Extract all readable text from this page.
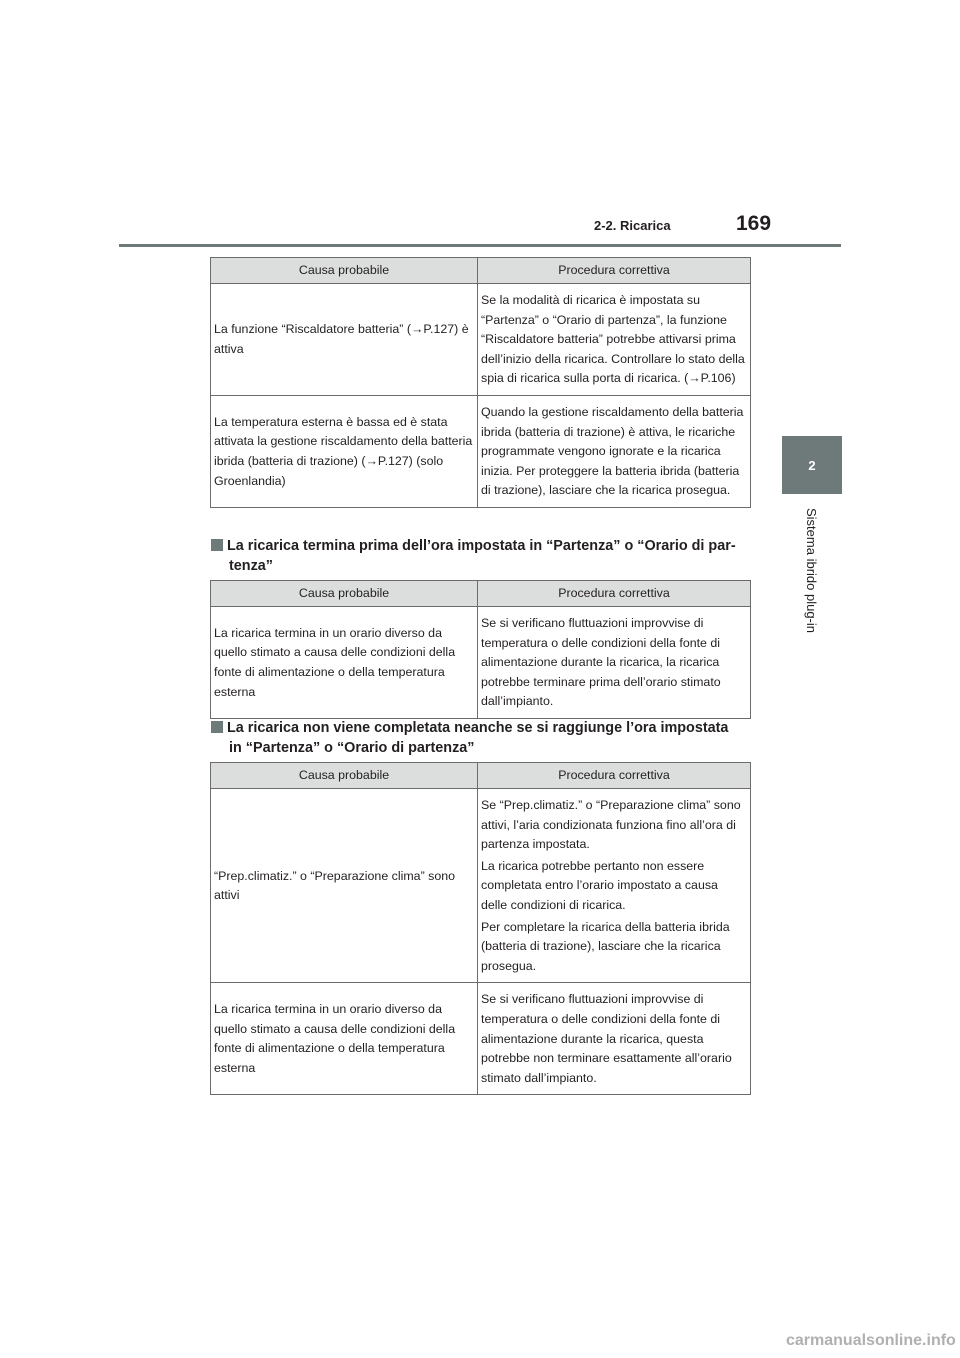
2-2. Ricarica	169
2
Sistema ibrido plug-in
Causa probabile	Procedura correttiva

La funzione “Riscaldatore batteria” (→P.127) è attiva	Se la modalità di ricarica è impostata su “Partenza” o “Orario di partenza”, la funzione “Riscaldatore batteria” potrebbe attivarsi prima dell’inizio della ricarica. Controllare lo stato della spia di ricarica sulla porta di ricarica. (→P.106)

La temperatura esterna è bassa ed è stata attivata la gestione riscaldamento della batteria ibrida (batteria di trazione) (→P.127) (solo Groenlandia)	Quando la gestione riscaldamento della batteria ibrida (batteria di trazione) è attiva, le ricariche programmate vengono ignorate e la ricarica inizia. Per proteggere la batteria ibrida (batteria di trazione), lasciare che la ricarica prosegua.

La ricarica termina prima dell’ora impostata in “Partenza” o “Orario di par-
tenza”
Causa probabile	Procedura correttiva

La ricarica termina in un orario diverso da quello stimato a causa delle condizioni della fonte di alimentazione o della temperatura esterna	Se si verificano fluttuazioni improvvise di temperatura o delle condizioni della fonte di alimentazione durante la ricarica, la ricarica potrebbe terminare prima dell’orario stimato dall’impianto.

La ricarica non viene completata neanche se si raggiunge l’ora impostata
in “Partenza” o “Orario di partenza”
Causa probabile	Procedura correttiva

“Prep.climatiz.” o “Preparazione clima” sono attivi	Se “Prep.climatiz.” o “Preparazione clima” sono attivi, l’aria condizionata funziona fino all’ora di partenza impostata.

La ricarica potrebbe pertanto non essere completata entro l’orario impostato a causa delle condizioni di ricarica.

Per completare la ricarica della batteria ibrida (batteria di trazione), lasciare che la ricarica prosegua.

La ricarica termina in un orario diverso da quello stimato a causa delle condizioni della fonte di alimentazione o della temperatura esterna	Se si verificano fluttuazioni improvvise di temperatura o delle condizioni della fonte di alimentazione durante la ricarica, questa potrebbe non terminare esattamente all’orario stimato dall’impianto.

carmanualsonline.info
